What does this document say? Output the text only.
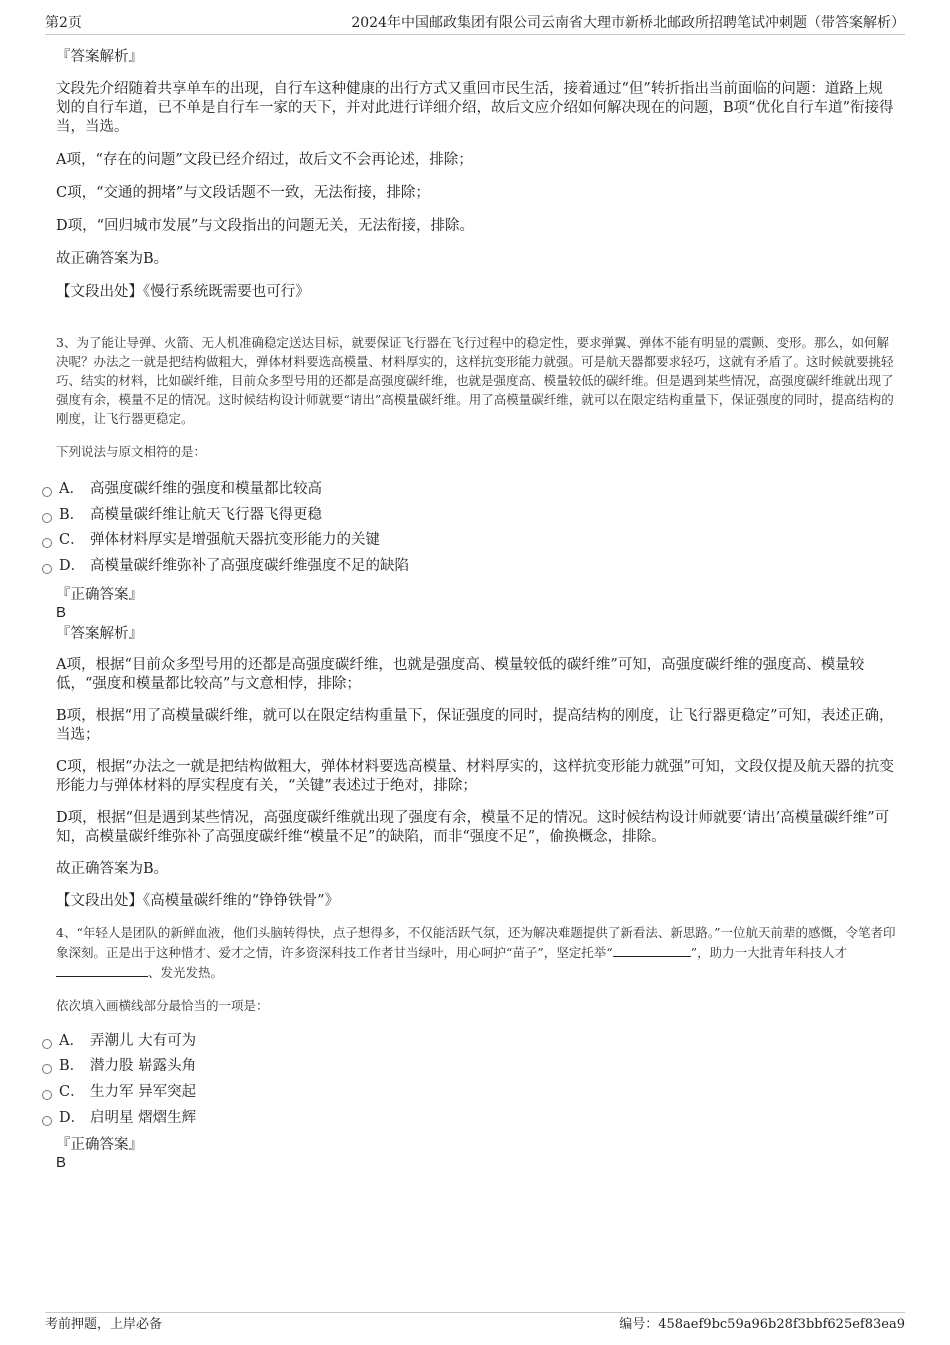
第2页	2024年中国邮政集团有限公司云南省大理市新桥北邮政所招聘笔试冲刺题（带答案解析）

『答案解析』

文段先介绍随着共享单车的出现，自行车这种健康的出行方式又重回市民生活，接着通过“但”转折指出当前面临的问题：道路上规划的自行车道，已不单是自行车一家的天下，并对此进行详细介绍，故后文应介绍如何解决现在的问题，B项“优化自行车道”衔接得当，当选。

A项，“存在的问题”文段已经介绍过，故后文不会再论述，排除；

C项，“交通的拥堵”与文段话题不一致，无法衔接，排除；

D项，“回归城市发展”与文段指出的问题无关，无法衔接，排除。

故正确答案为B。

【文段出处】《慢行系统既需要也可行》

3、为了能让导弹、火箭、无人机准确稳定送达目标，就要保证飞行器在飞行过程中的稳定性，要求弹翼、弹体不能有明显的震颤、变形。那么，如何解决呢？办法之一就是把结构做粗大，弹体材料要选高模量、材料厚实的，这样抗变形能力就强。可是航天器都要求轻巧，这就有矛盾了。这时候就要挑轻巧、结实的材料，比如碳纤维，目前众多型号用的还都是高强度碳纤维，也就是强度高、模量较低的碳纤维。但是遇到某些情况，高强度碳纤维就出现了强度有余，模量不足的情况。这时候结构设计师就要“请出”高模量碳纤维。用了高模量碳纤维，就可以在限定结构重量下，保证强度的同时，提高结构的刚度，让飞行器更稳定。

下列说法与原文相符的是：

A． 高强度碳纤维的强度和模量都比较高
B． 高模量碳纤维让航天飞行器飞得更稳
C． 弹体材料厚实是增强航天器抗变形能力的关键
D． 高模量碳纤维弥补了高强度碳纤维强度不足的缺陷

『正确答案』

B

『答案解析』

A项，根据“目前众多型号用的还都是高强度碳纤维，也就是强度高、模量较低的碳纤维”可知，高强度碳纤维的强度高、模量较低，“强度和模量都比较高”与文意相悖，排除；

B项，根据“用了高模量碳纤维，就可以在限定结构重量下，保证强度的同时，提高结构的刚度，让飞行器更稳定”可知，表述正确，当选；

C项，根据“办法之一就是把结构做粗大，弹体材料要选高模量、材料厚实的，这样抗变形能力就强”可知，文段仅提及航天器的抗变形能力与弹体材料的厚实程度有关，“关键”表述过于绝对，排除；

D项，根据“但是遇到某些情况，高强度碳纤维就出现了强度有余，模量不足的情况。这时候结构设计师就要‘请出’高模量碳纤维”可知，高模量碳纤维弥补了高强度碳纤维“模量不足”的缺陷，而非“强度不足”，偷换概念，排除。

故正确答案为B。

【文段出处】《高模量碳纤维的“铮铮铁骨”》

4、“年轻人是团队的新鲜血液，他们头脑转得快，点子想得多，不仅能活跃气氛，还为解决难题提供了新看法、新思路。”一位航天前辈的感慨，令笔者印象深刻。正是出于这种惜才、爱才之情，许多资深科技工作者甘当绿叶，用心呵护“苗子”，坚定托举“	”，助力一大批青年科技人才、发光发热。

依次填入画横线部分最恰当的一项是：

A． 弄潮儿 大有可为
B． 潜力股 崭露头角
C． 生力军 异军突起
D． 启明星 熠熠生辉

『正确答案』

B

考前押题，上岸必备	编号：458aef9bc59a96b28f3bbf625ef83ea9
